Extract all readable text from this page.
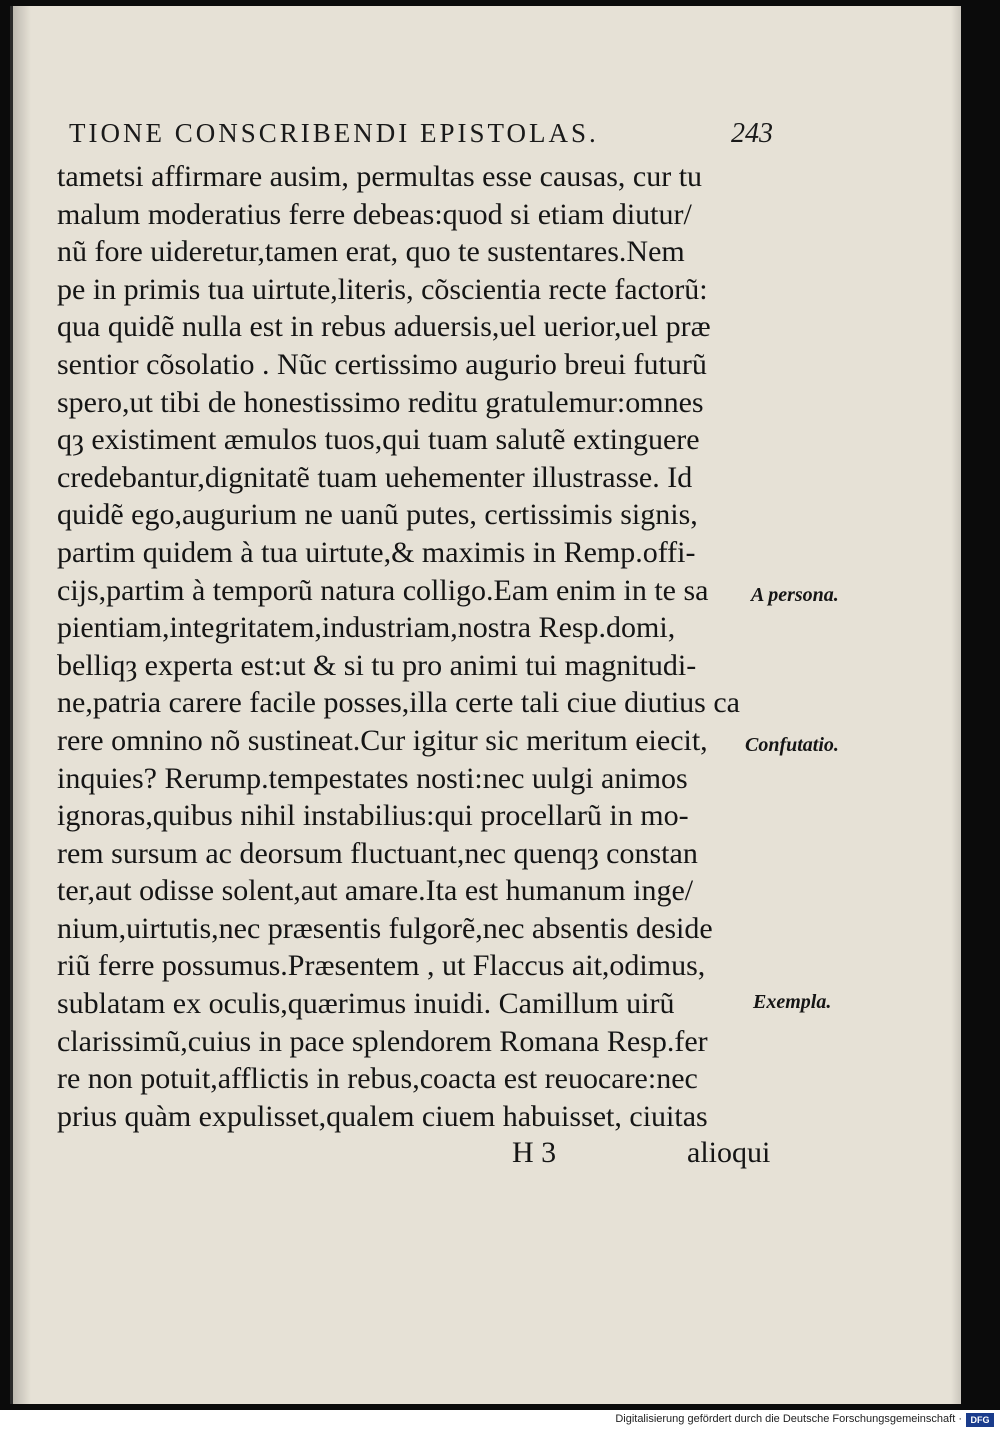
TIONE CONSCRIBENDI EPISTOLAS.	243
tametsi affirmare ausim, permultas esse causas, cur tu
malum moderatius ferre debeas:quod si etiam diutur/
nũ fore uideretur,tamen erat, quo te sustentares.Nem
pe in primis tua uirtute,literis, cõscientia recte factorũ:
qua quidẽ nulla est in rebus aduersis,uel uerior,uel præ
sentior cõsolatio . Nũc certissimo augurio breui futurũ
spero,ut tibi de honestissimo reditu gratulemur:omnes
qȝ existiment æmulos tuos,qui tuam salutẽ extinguere
credebantur,dignitatẽ tuam uehementer illustrasse. Id
quidẽ ego,augurium ne uanũ putes, certissimis signis,
partim quidem à tua uirtute,& maximis in Remp.offi-
cijs,partim à temporũ natura colligo.Eam enim in te sa
pientiam,integritatem,industriam,nostra Resp.domi,
belliqȝ experta est:ut & si tu pro animi tui magnitudi-
ne,patria carere facile posses,illa certe tali ciue diutius ca
rere omnino nõ sustineat.Cur igitur sic meritum eiecit,
inquies? Rerump.tempestates nosti:nec uulgi animos
ignoras,quibus nihil instabilius:qui procellarũ in mo-
rem sursum ac deorsum fluctuant,nec quenqȝ constan
ter,aut odisse solent,aut amare.Ita est humanum inge/
nium,uirtutis,nec præsentis fulgorẽ,nec absentis deside
riũ ferre possumus.Præsentem , ut Flaccus ait,odimus,
sublatam ex oculis,quærimus inuidi. Camillum uirũ
clarissimũ,cuius in pace splendorem Romana Resp.fer
re non potuit,afflictis in rebus,coacta est reuocare:nec
prius quàm expulisset,qualem ciuem habuisset, ciuitas
A persona.
Confutatio.
Exempla.
H 3	alioqui
Digitalisierung gefördert durch die Deutsche Forschungsgemeinschaft · DFG
